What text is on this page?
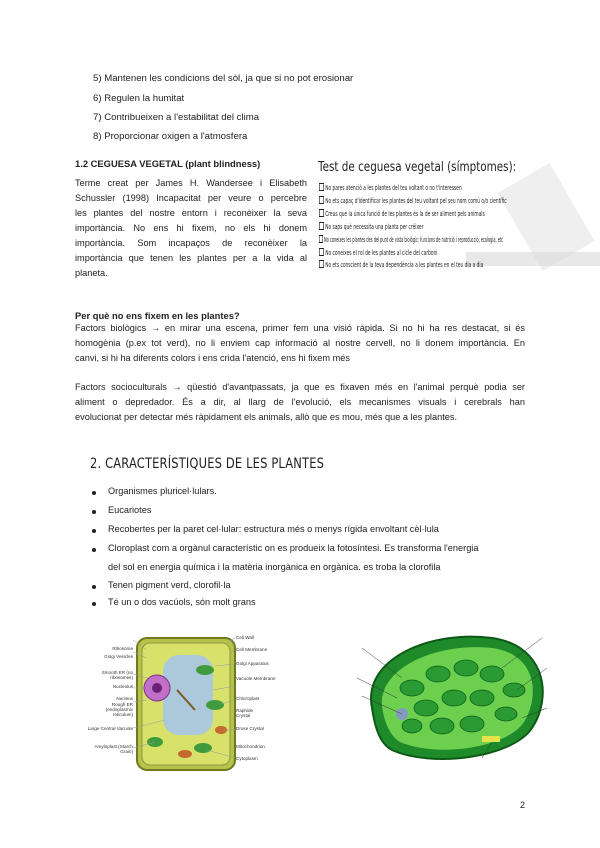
5) Mantenen les condicions del sòl, ja que si no pot erosionar
6) Regulen la humitat
7) Contribueixen a l'estabilitat del clima
8) Proporcionar oxigen a l'atmosfera
1.2 CEGUESA VEGETAL (plant blindness)
Terme creat per James H. Wandersee i Elisabeth
Schussler (1998) Incapacitat per veure o percebre
les plantes del nostre entorn i reconèixer la seva
importància. No ens hi fixem, no els hi donem
importància. Som incapaços de reconèixer la
importància que tenen les plantes per a la vida al
planeta.
Test de ceguesa vegetal (símptomes):
No pares atenció a les plantes del teu voltant o no t'interessen
No ets capaç d'identificar les plantes del teu voltant pel seu nom comú o/o científic
Creus que la única funció de les plantes és la de ser aliment pels animals
No saps què necessita una planta per créixer
No coneixes les plantes des del punt de vista biològic: funcions de nutrició i reproducció, ecologia, etc
No coneixes el rol de les plantes al cicle del carboni
No ets conscient de la teva dependència a les plantes en el teu dia a dia
Per què no ens fixem en les plantes?
Factors biològics → en mirar una escena, primer fem una visió ràpida. Si no hi ha res destacat, si és
homogènia (p.ex tot verd), no li enviem cap informació al nostre cervell, no li donem importància. En
canvi, si hi ha diferents colors i ens crida l'atenció, ens hi fixem més
Factors socioculturals → qüestió d'avantpassats, ja que es fixaven més en l'animal perquè podia ser
aliment o depredador. És a dir, al llarg de l'evolució, els mecanismes visuals i cerebrals han
evolucionat per detectar més ràpidament els animals, allò que es mou, més que a les plantes.
2. CARACTERÍSTIQUES DE LES PLANTES
Organismes pluricel·lulars.
Eucariotes
Recobertes per la paret cel·lular: estructura més o menys rígida envoltant cèl·lula
Cloroplast com a orgànul característic on es produeix la fotosíntesi. Es transforma l'energia
del sol en energia química i la matèria inorgànica en orgànica. es troba la clorofila
Tenen pigment verd, clorofil·la
Té un o dos vacúols, són molt grans
Ribosome
Golgi Vesicles
Smooth ER (no ribosomes)
Nucleolus
Nucleus
Rough ER (endoplasmic reticulum)
Large Central Vacuole
Amyloplast (Starch Grain)
Cell Wall
Cell Membrane
Golgi Apparatus
Vacuole Membrane
Chloroplast
Raphide Crystal
Druse Crystal
Mitochondrion
Cytoplasm
2
